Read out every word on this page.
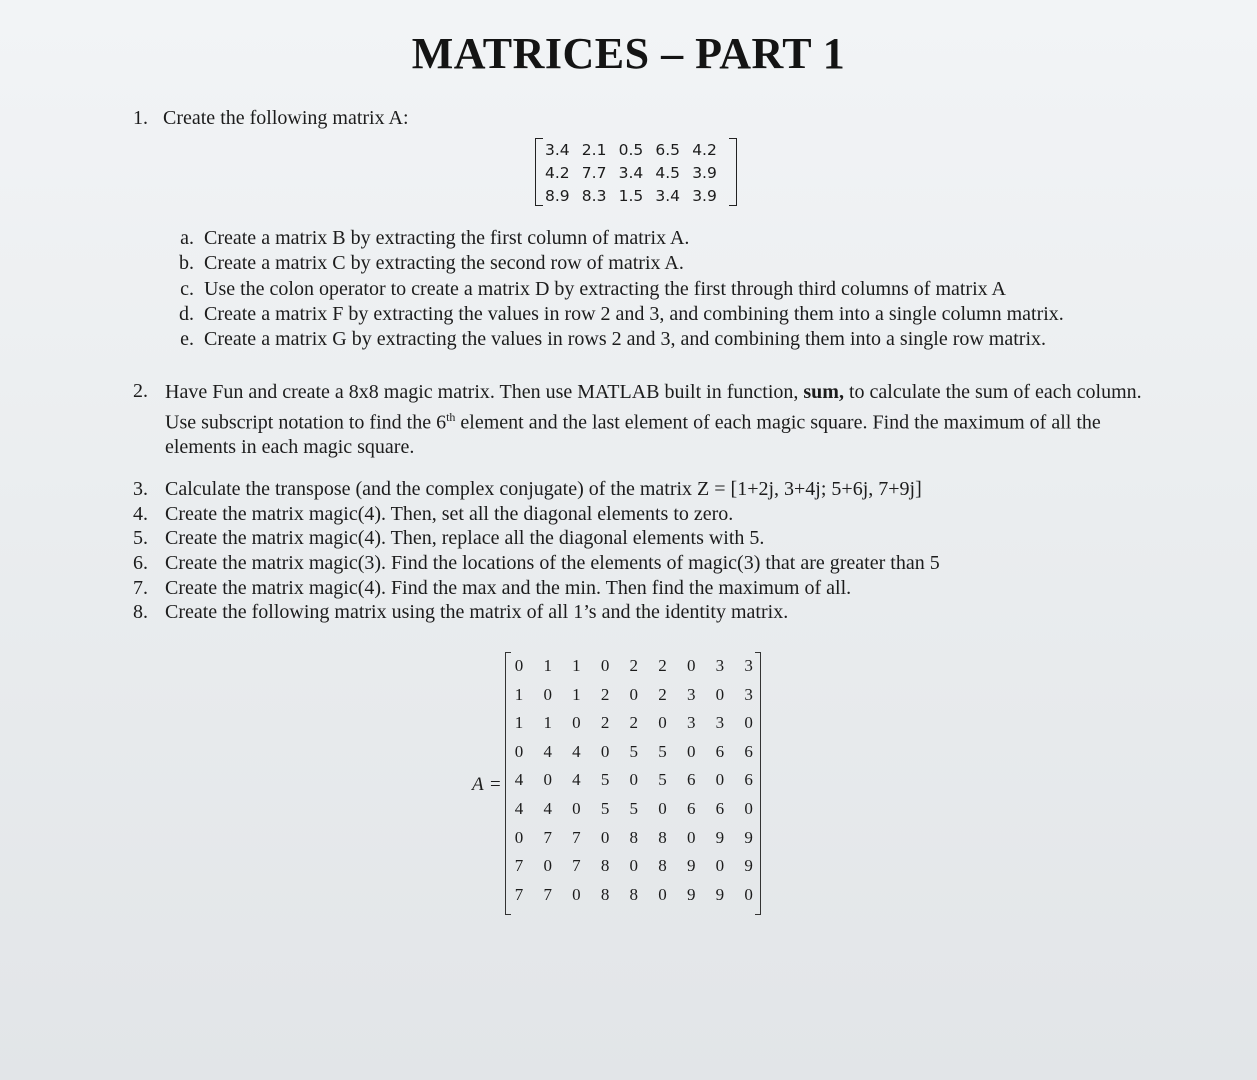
MATRICES – PART 1
1. Create the following matrix A:
3.4 2.1 0.5 6.5 4.2
4.2 7.7 3.4 4.5 3.9
8.9 8.3 1.5 3.4 3.9
a. Create a matrix B by extracting the first column of matrix A.
b. Create a matrix C by extracting the second row of matrix A.
c. Use the colon operator to create a matrix D by extracting the first through third columns of matrix A
d. Create a matrix F by extracting the values in row 2 and 3, and combining them into a single column matrix.
e. Create a matrix G by extracting the values in rows 2 and 3, and combining them into a single row matrix.
2. Have Fun and create a 8x8 magic matrix. Then use MATLAB built in function, sum, to calculate the sum of each column. Use subscript notation to find the 6th element and the last element of each magic square. Find the maximum of all the elements in each magic square.
3. Calculate the transpose (and the complex conjugate) of the matrix Z = [1+2j, 3+4j; 5+6j, 7+9j]
4. Create the matrix magic(4). Then, set all the diagonal elements to zero.
5. Create the matrix magic(4). Then, replace all the diagonal elements with 5.
6. Create the matrix magic(3). Find the locations of the elements of magic(3) that are greater than 5
7. Create the matrix magic(4). Find the max and the min. Then find the maximum of all.
8. Create the following matrix using the matrix of all 1’s and the identity matrix.
A =
0	1	1	0	2	2	0	3	3
1	0	1	2	0	2	3	0	3
1	1	0	2	2	0	3	3	0
0	4	4	0	5	5	0	6	6
4	0	4	5	0	5	6	0	6
4	4	0	5	5	0	6	6	0
0	7	7	0	8	8	0	9	9
7	0	7	8	0	8	9	0	9
7	7	0	8	8	0	9	9	0
